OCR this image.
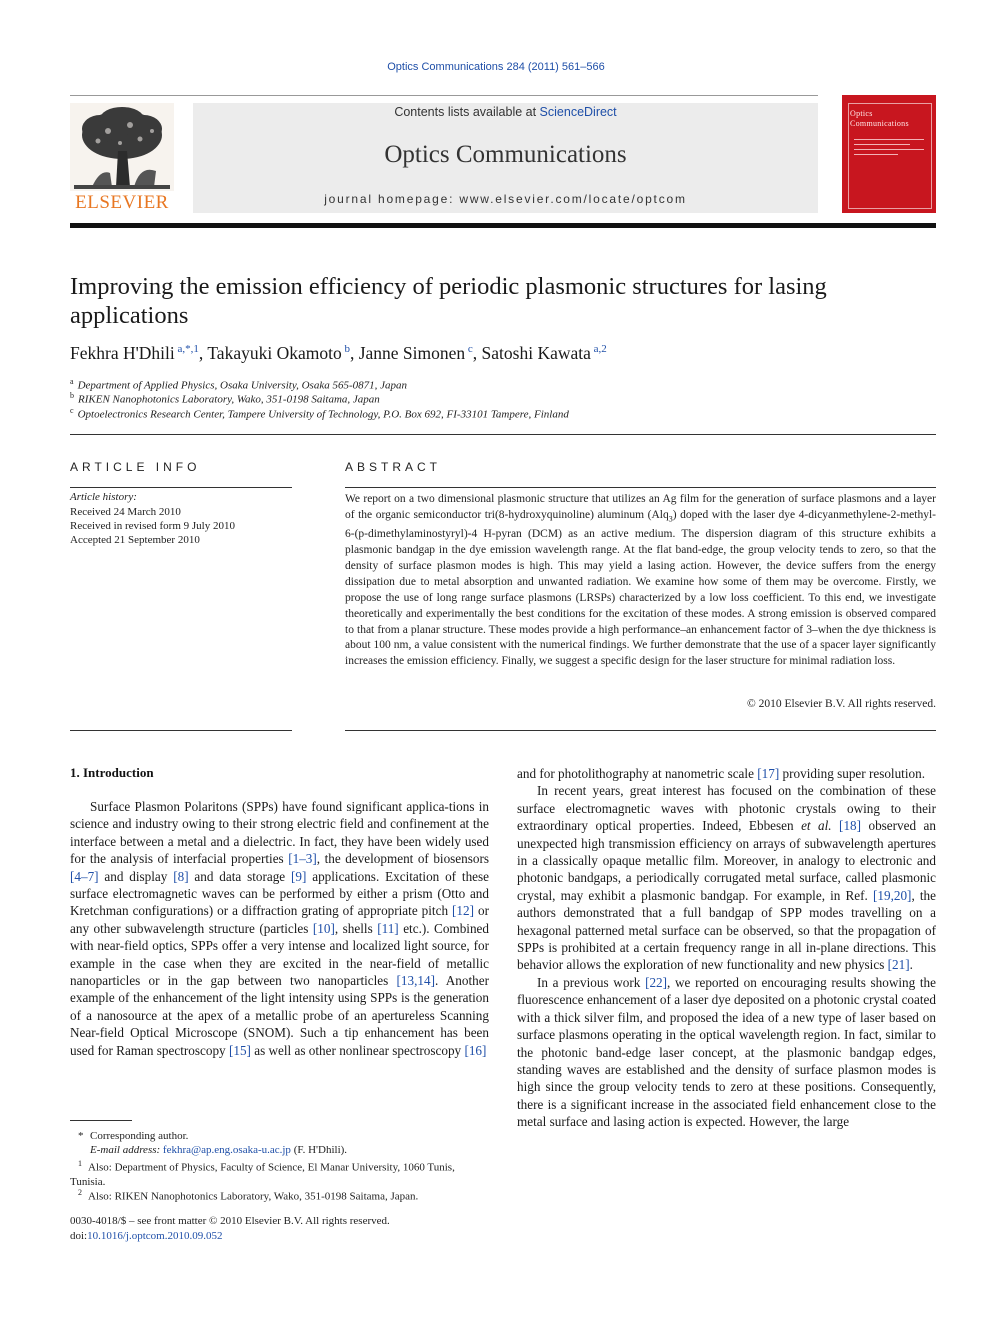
Optics Communications 284 (2011) 561–566
ELSEVIER
Contents lists available at ScienceDirect
Optics Communications
journal homepage: www.elsevier.com/locate/optcom
Optics
Communications
Improving the emission efficiency of periodic plasmonic structures for lasing applications
Fekhra H'Dhili $^{a,*,1}$, Takayuki Okamoto $^b$, Janne Simonen $^c$, Satoshi Kawata $^{a,2}$
$^a$ Department of Applied Physics, Osaka University, Osaka 565-0871, Japan
$^b$ RIKEN Nanophotonics Laboratory, Wako, 351-0198 Saitama, Japan
$^c$ Optoelectronics Research Center, Tampere University of Technology, P.O. Box 692, FI-33101 Tampere, Finland
ARTICLE INFO
Article history:
Received 24 March 2010
Received in revised form 9 July 2010
Accepted 21 September 2010
ABSTRACT
We report on a two dimensional plasmonic structure that utilizes an Ag film for the generation of surface plasmons and a layer of the organic semiconductor tri(8-hydroxyquinoline) aluminum (Alq$_3$) doped with the laser dye 4-dicyanmethylene-2-methyl-6-(p-dimethylaminostyryl)-4 H-pyran (DCM) as an active medium. The dispersion diagram of this structure exhibits a plasmonic bandgap in the dye emission wavelength range. At the flat band-edge, the group velocity tends to zero, so that the density of surface plasmon modes is high. This may yield a lasing action. However, the device suffers from the energy dissipation due to metal absorption and unwanted radiation. We examine how some of them may be overcome. Firstly, we propose the use of long range surface plasmons (LRSPs) characterized by a low loss coefficient. To this end, we investigate theoretically and experimentally the best conditions for the excitation of these modes. A strong emission is observed compared to that from a planar structure. These modes provide a high performance–an enhancement factor of 3–when the dye thickness is about 100 nm, a value consistent with the numerical findings. We further demonstrate that the use of a spacer layer significantly increases the emission efficiency. Finally, we suggest a specific design for the laser structure for minimal radiation loss.
© 2010 Elsevier B.V. All rights reserved.
1. Introduction

Surface Plasmon Polaritons (SPPs) have found significant applica-tions in science and industry owing to their strong electric field and confinement at the interface between a metal and a dielectric. In fact, they have been widely used for the analysis of interfacial properties [1–3], the development of biosensors [4–7] and display [8] and data storage [9] applications. Excitation of these surface electromagnetic waves can be performed by either a prism (Otto and Kretchman configurations) or a diffraction grating of appropriate pitch [12] or any other subwavelength structure (particles [10], shells [11] etc.). Combined with near-field optics, SPPs offer a very intense and localized light source, for example in the case when they are excited in the near-field of metallic nanoparticles or in the gap between two nanoparticles [13,14]. Another example of the enhancement of the light intensity using SPPs is the generation of a nanosource at the apex of a metallic probe of an apertureless Scanning Near-field Optical Microscope (SNOM). Such a tip enhancement has been used for Raman spectroscopy [15] as well as other nonlinear spectroscopy [16]

and for photolithography at nanometric scale [17] providing super resolution.

In recent years, great interest has focused on the combination of these surface electromagnetic waves with photonic crystals owing to their extraordinary optical properties. Indeed, Ebbesen et al. [18] observed an unexpected high transmission efficiency on arrays of subwavelength apertures in a classically opaque metallic film. Moreover, in analogy to electronic and photonic bandgaps, a periodically corrugated metal surface, called plasmonic crystal, may exhibit a plasmonic bandgap. For example, in Ref. [19,20], the authors demonstrated that a full bandgap of SPP modes travelling on a hexagonal patterned metal surface can be observed, so that the propagation of SPPs is prohibited at a certain frequency range in all in-plane directions. This behavior allows the exploration of new functionality and new physics [21].

In a previous work [22], we reported on encouraging results showing the fluorescence enhancement of a laser dye deposited on a photonic crystal coated with a thick silver film, and proposed the idea of a new type of laser based on surface plasmons operating in the optical wavelength region. In fact, similar to the photonic band-edge laser concept, at the plasmonic bandgap edges, standing waves are established and the density of surface plasmon modes is high since the group velocity tends to zero at these positions. Consequently, there is a significant increase in the associated field enhancement close to the metal surface and lasing action is expected. However, the large

* Corresponding author.
E-mail address: fekhra@ap.eng.osaka-u.ac.jp (F. H'Dhili).
$^1$ Also: Department of Physics, Faculty of Science, El Manar University, 1060 Tunis, Tunisia.
$^2$ Also: RIKEN Nanophotonics Laboratory, Wako, 351-0198 Saitama, Japan.
0030-4018/$ – see front matter © 2010 Elsevier B.V. All rights reserved.
doi:10.1016/j.optcom.2010.09.052
